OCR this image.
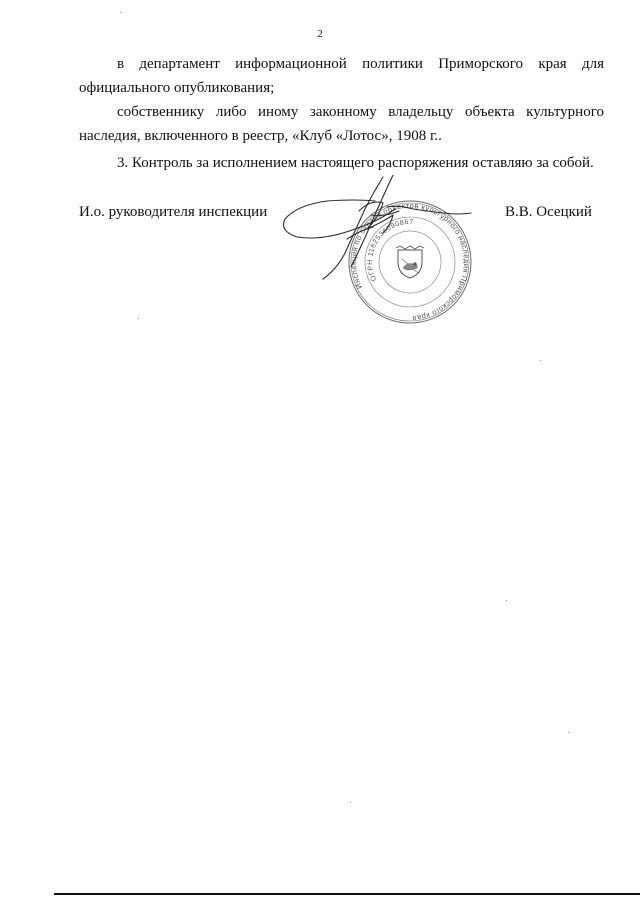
2

в департамент информационной политики Приморского края для

официального опубликования;

собственнику либо иному законному владельцу объекта культурного

наследия, включенного в реестр, «Клуб «Лотос», 1908 г..

3. Контроль за исполнением настоящего распоряжения оставляю за собой.

И.о. руководителя инспекции	В.В. Осецкий
Инспекция по охране объектов культурного наследия Приморского края
ОГРН 1162536090867
